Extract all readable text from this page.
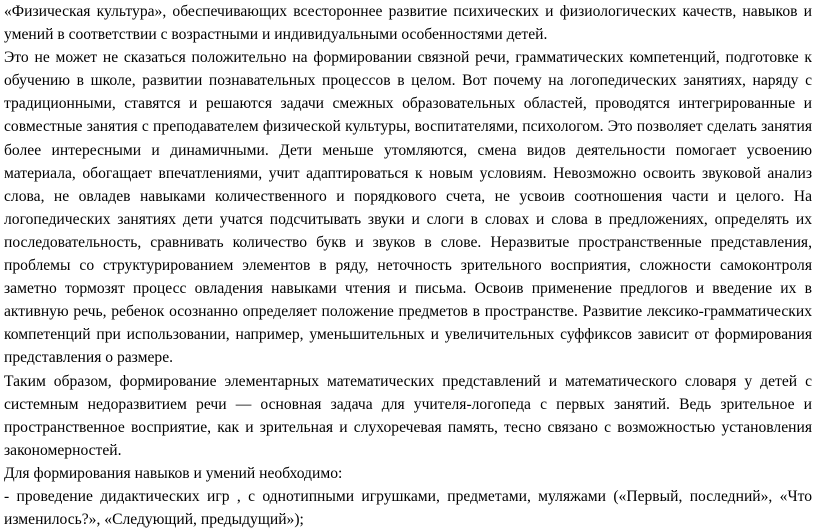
«Физическая культура», обеспечивающих всестороннее развитие психических и физиологических качеств, навыков и умений в соответствии с возрастными и индивидуальными особенностями детей.

Это не может не сказаться положительно на формировании связной речи, грамматических компетенций, подготовке к обучению в школе, развитии познавательных процессов в целом. Вот почему на логопедических занятиях, наряду с традиционными, ставятся и решаются задачи смежных образовательных областей, проводятся интегрированные и совместные занятия с преподавателем физической культуры, воспитателями, психологом. Это позволяет сделать занятия более интересными и динамичными. Дети меньше утомляются, смена видов деятельности помогает усвоению материала, обогащает впечатлениями, учит адаптироваться к новым условиям. Невозможно освоить звуковой анализ слова, не овладев навыками количественного и порядкового счета, не усвоив соотношения части и целого. На логопедических занятиях дети учатся подсчитывать звуки и слоги в словах и слова в предложениях, определять их последовательность, сравнивать количество букв и звуков в слове. Неразвитые пространственные представления, проблемы со структурированием элементов в ряду, неточность зрительного восприятия, сложности самоконтроля заметно тормозят процесс овладения навыками чтения и письма. Освоив применение предлогов и введение их в активную речь, ребенок осознанно определяет положение предметов в пространстве. Развитие лексико-грамматических компетенций при использовании, например, уменьшительных и увеличительных суффиксов зависит от формирования представления о размере.

Таким образом, формирование элементарных математических представлений и математического словаря у детей с системным недоразвитием речи — основная задача для учителя-логопеда с первых занятий. Ведь зрительное и пространственное восприятие, как и зрительная и слухоречевая память, тесно связано с возможностью установления закономерностей.

Для формирования навыков и умений необходимо:

- проведение дидактических игр , с однотипными игрушками, предметами, муляжами («Первый, последний», «Что изменилось?», «Следующий, предыдущий»);
